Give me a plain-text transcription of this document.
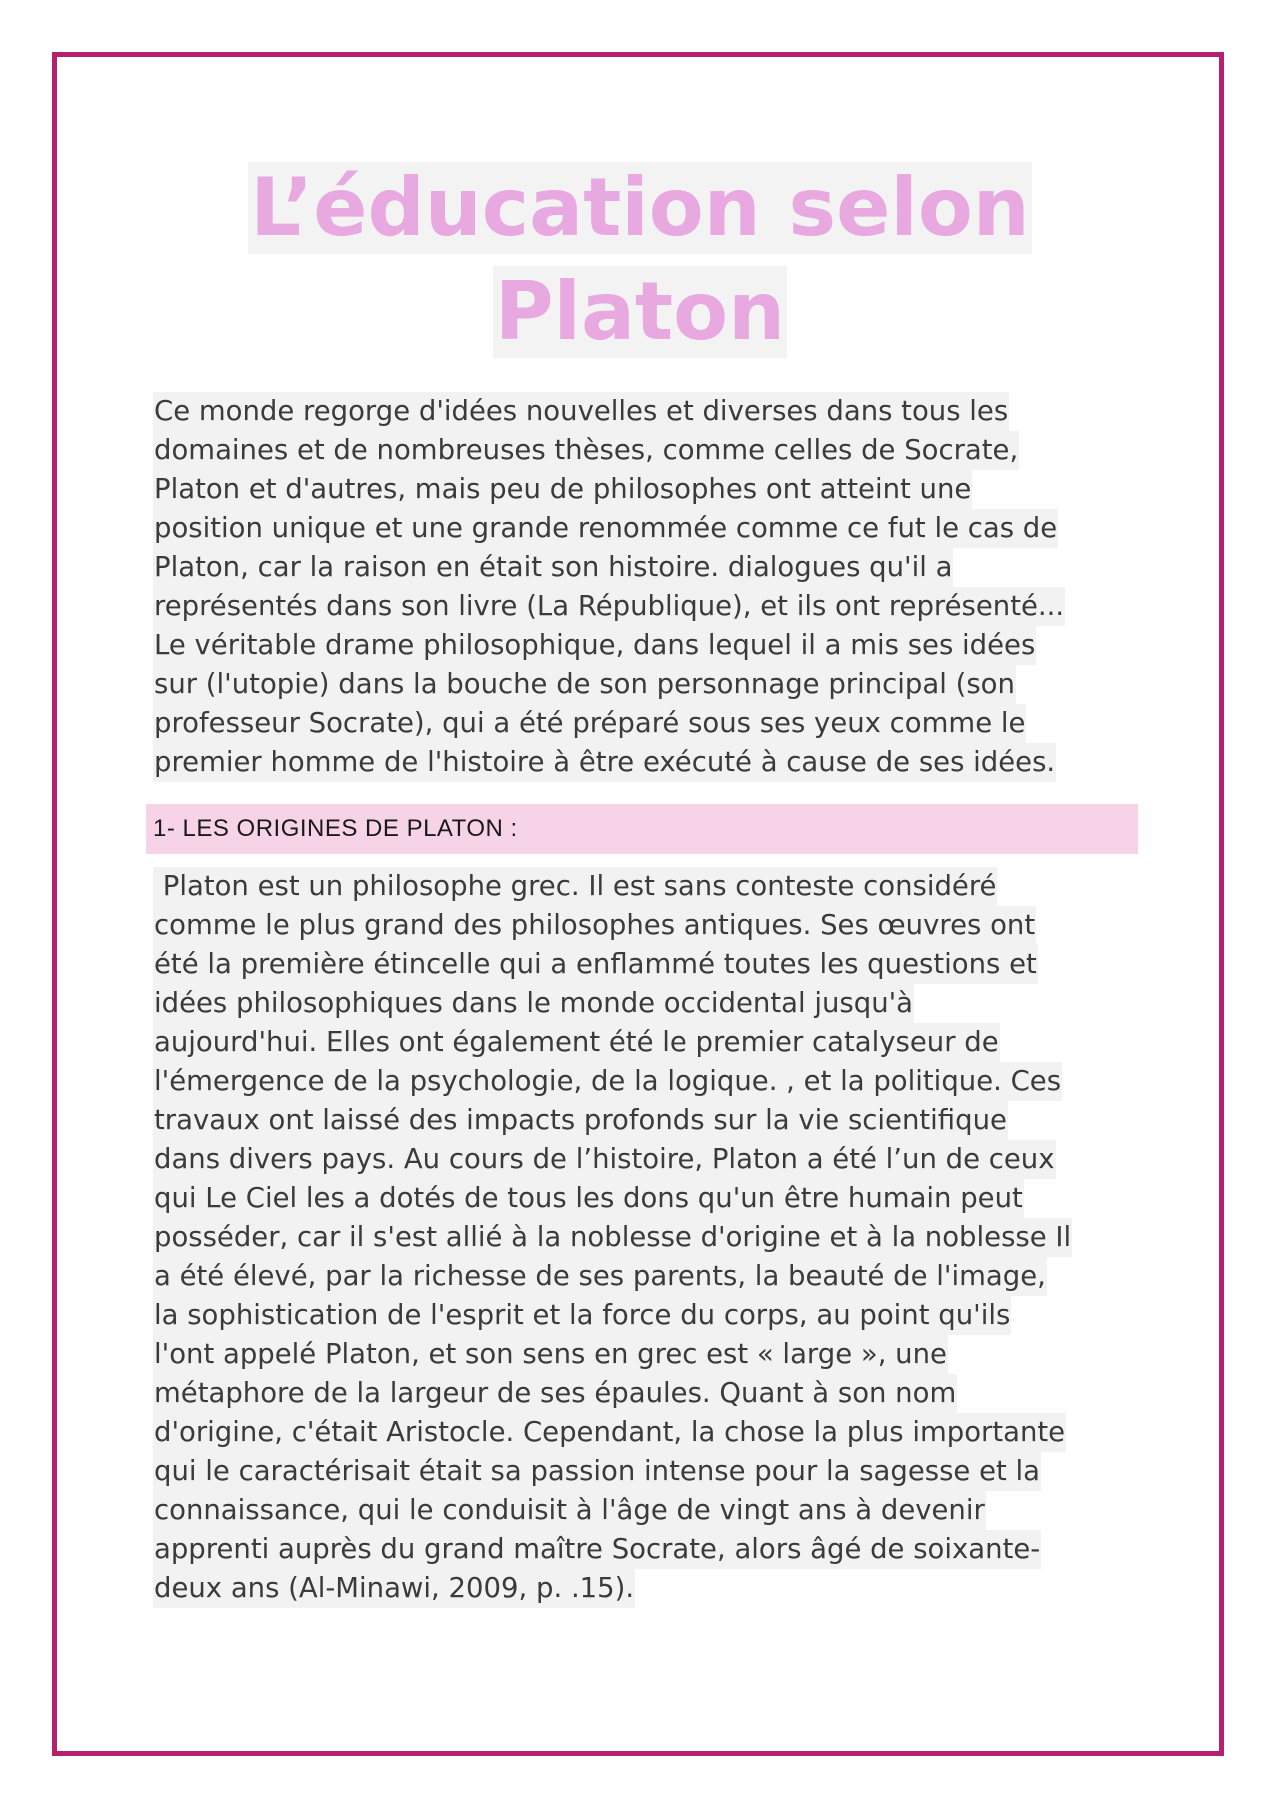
L’éducation selon
Platon
Ce monde regorge d'idées nouvelles et diverses dans tous les
domaines et de nombreuses thèses, comme celles de Socrate,
Platon et d'autres, mais peu de philosophes ont atteint une
position unique et une grande renommée comme ce fut le cas de
Platon, car la raison en était son histoire. dialogues qu'il a
représentés dans son livre (La République), et ils ont représenté...
Le véritable drame philosophique, dans lequel il a mis ses idées
sur (l'utopie) dans la bouche de son personnage principal (son
professeur Socrate), qui a été préparé sous ses yeux comme le
premier homme de l'histoire à être exécuté à cause de ses idées.
1- LES ORIGINES DE PLATON :
Platon est un philosophe grec. Il est sans conteste considéré
comme le plus grand des philosophes antiques. Ses œuvres ont
été la première étincelle qui a enflammé toutes les questions et
idées philosophiques dans le monde occidental jusqu'à
aujourd'hui. Elles ont également été le premier catalyseur de
l'émergence de la psychologie, de la logique. , et la politique. Ces
travaux ont laissé des impacts profonds sur la vie scientifique
dans divers pays. Au cours de l’histoire, Platon a été l’un de ceux
qui Le Ciel les a dotés de tous les dons qu'un être humain peut
posséder, car il s'est allié à la noblesse d'origine et à la noblesse Il
a été élevé, par la richesse de ses parents, la beauté de l'image,
la sophistication de l'esprit et la force du corps, au point qu'ils
l'ont appelé Platon, et son sens en grec est « large », une
métaphore de la largeur de ses épaules. Quant à son nom
d'origine, c'était Aristocle. Cependant, la chose la plus importante
qui le caractérisait était sa passion intense pour la sagesse et la
connaissance, qui le conduisit à l'âge de vingt ans à devenir
apprenti auprès du grand maître Socrate, alors âgé de soixante-
deux ans (Al-Minawi, 2009, p. .15).
